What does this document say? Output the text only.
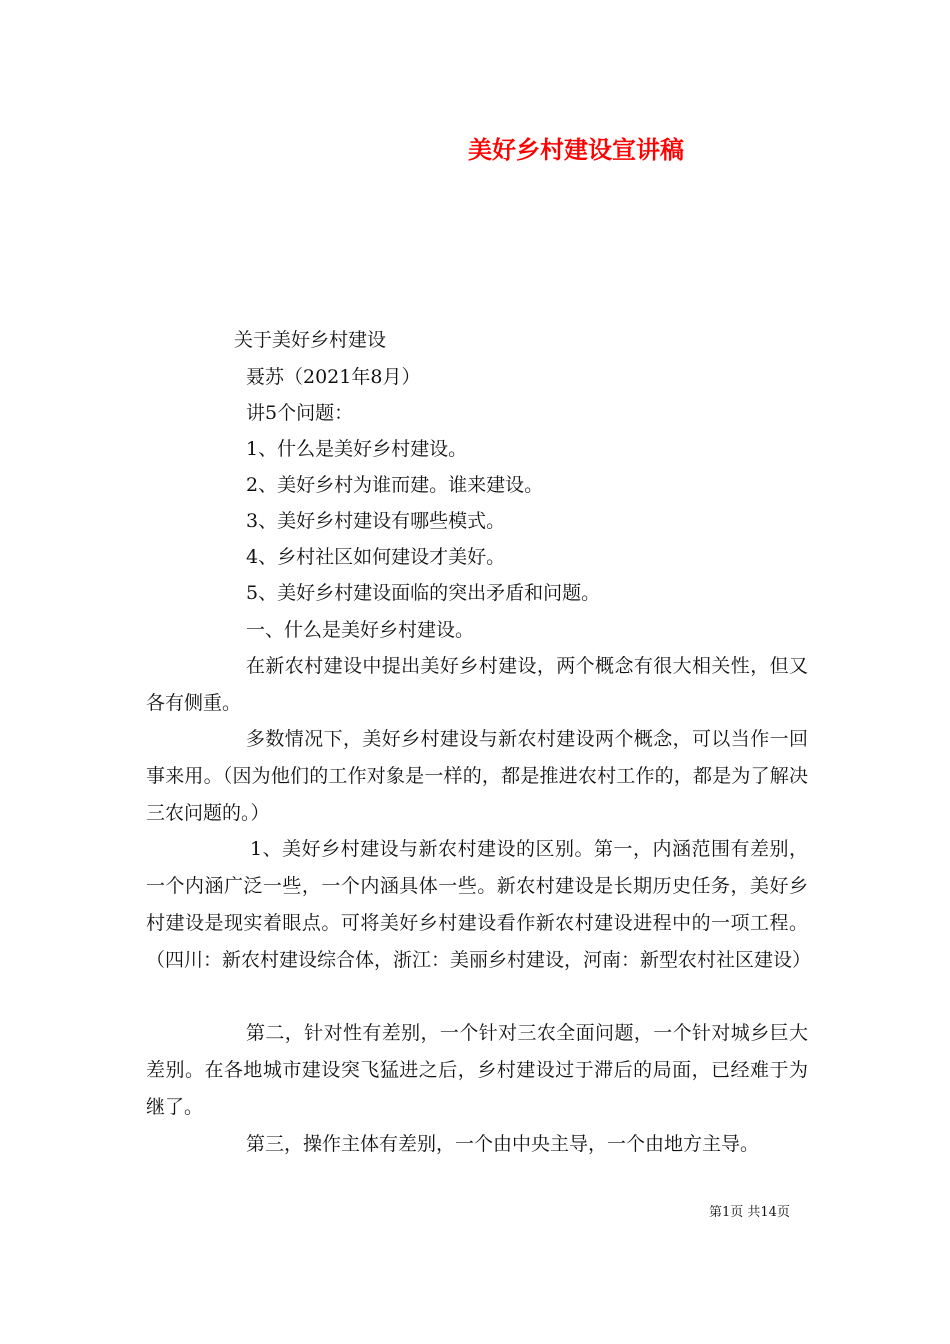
美好乡村建设宣讲稿
关于美好乡村建设
聂苏（2021年8月）
讲5个问题：
1、什么是美好乡村建设。
2、美好乡村为谁而建。谁来建设。
3、美好乡村建设有哪些模式。
4、乡村社区如何建设才美好。
5、美好乡村建设面临的突出矛盾和问题。
一、什么是美好乡村建设。

在新农村建设中提出美好乡村建设，两个概念有很大相关性，但又各有侧重。

多数情况下，美好乡村建设与新农村建设两个概念，可以当作一回事来用。（因为他们的工作对象是一样的，都是推进农村工作的，都是为了解决三农问题的。）

1、美好乡村建设与新农村建设的区别。第一，内涵范围有差别，一个内涵广泛一些，一个内涵具体一些。新农村建设是长期历史任务，美好乡村建设是现实着眼点。可将美好乡村建设看作新农村建设进程中的一项工程。（四川：新农村建设综合体，浙江：美丽乡村建设，河南：新型农村社区建设）

第二，针对性有差别，一个针对三农全面问题，一个针对城乡巨大差别。在各地城市建设突飞猛进之后，乡村建设过于滞后的局面，已经难于为继了。

第三，操作主体有差别，一个由中央主导，一个由地方主导。

第1页 共14页
